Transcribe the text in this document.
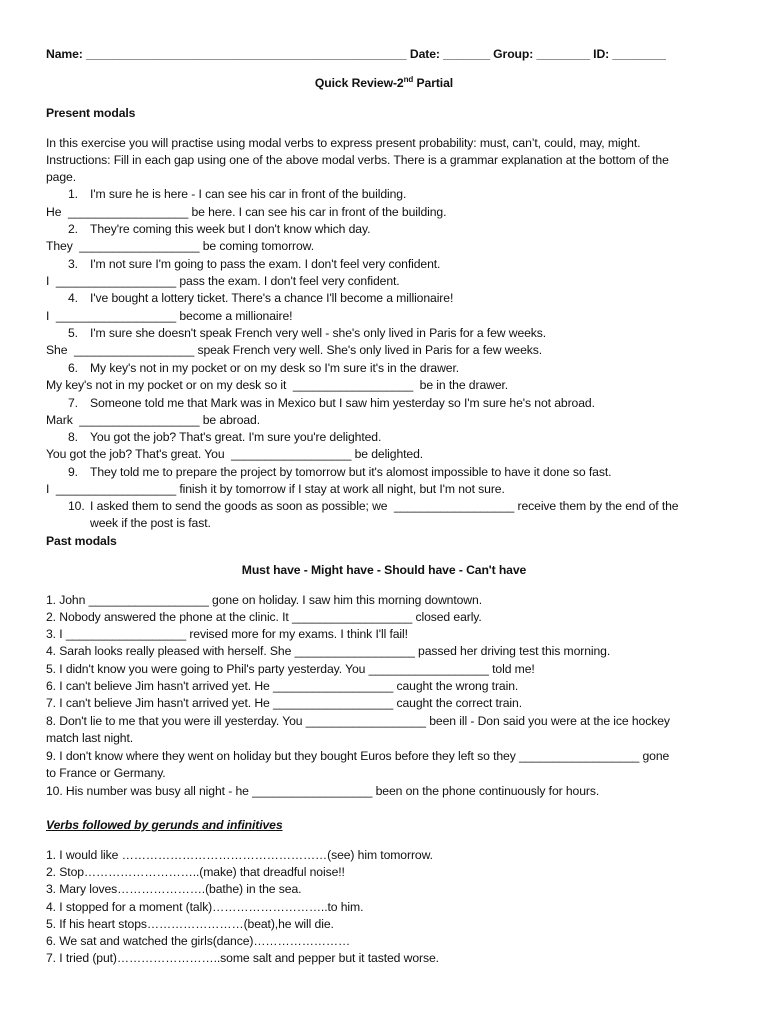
Name: ________________________________________________ Date: _______ Group: ________ ID: ________
Quick Review-2nd Partial
Present modals
In this exercise you will practise using modal verbs to express present probability: must, can’t, could, may, might.
Instructions: Fill in each gap using one of the above modal verbs. There is a grammar explanation at the bottom of the
page.
1. I'm sure he is here - I can see his car in front of the building.
He  __________________ be here. I can see his car in front of the building.
2. They're coming this week but I don't know which day.
They  __________________ be coming tomorrow.
3. I'm not sure I'm going to pass the exam. I don't feel very confident.
I  __________________ pass the exam. I don't feel very confident.
4. I've bought a lottery ticket. There's a chance I'll become a millionaire!
I  __________________ become a millionaire!
5. I'm sure she doesn't speak French very well - she's only lived in Paris for a few weeks.
She  __________________ speak French very well. She's only lived in Paris for a few weeks.
6. My key's not in my pocket or on my desk so I'm sure it's in the drawer.
My key's not in my pocket or on my desk so it  __________________  be in the drawer.
7. Someone told me that Mark was in Mexico but I saw him yesterday so I'm sure he's not abroad.
Mark  __________________ be abroad.
8. You got the job? That's great. I'm sure you're delighted.
You got the job? That's great. You  __________________ be delighted.
9. They told me to prepare the project by tomorrow but it's alomost impossible to have it done so fast.
I  __________________ finish it by tomorrow if I stay at work all night, but I'm not sure.
10. I asked them to send the goods as soon as possible; we  __________________ receive them by the end of the
week if the post is fast.
Past modals
Must have - Might have - Should have - Can't have
1. John __________________ gone on holiday. I saw him this morning downtown.
2. Nobody answered the phone at the clinic. It __________________ closed early.
3. I __________________ revised more for my exams. I think I'll fail!
4. Sarah looks really pleased with herself. She __________________ passed her driving test this morning.
5. I didn't know you were going to Phil's party yesterday. You __________________ told me!
6. I can't believe Jim hasn't arrived yet. He __________________ caught the wrong train.
7. I can't believe Jim hasn't arrived yet. He __________________ caught the correct train.
8. Don't lie to me that you were ill yesterday. You __________________ been ill - Don said you were at the ice hockey
match last night.
9. I don't know where they went on holiday but they bought Euros before they left so they __________________ gone
to France or Germany.
10. His number was busy all night - he __________________ been on the phone continuously for hours.
Verbs followed by gerunds and infinitives
1. I would like ……………………………………………(see) him tomorrow.
2. Stop………………………..(make) that dreadful noise!!
3. Mary loves………………….(bathe) in the sea.
4. I stopped for a moment (talk)………………………..to him.
5. If his heart stops……………………(beat),he will die.
6. We sat and watched the girls(dance)……………………
7. I tried (put)……………………..some salt and pepper but it tasted worse.
